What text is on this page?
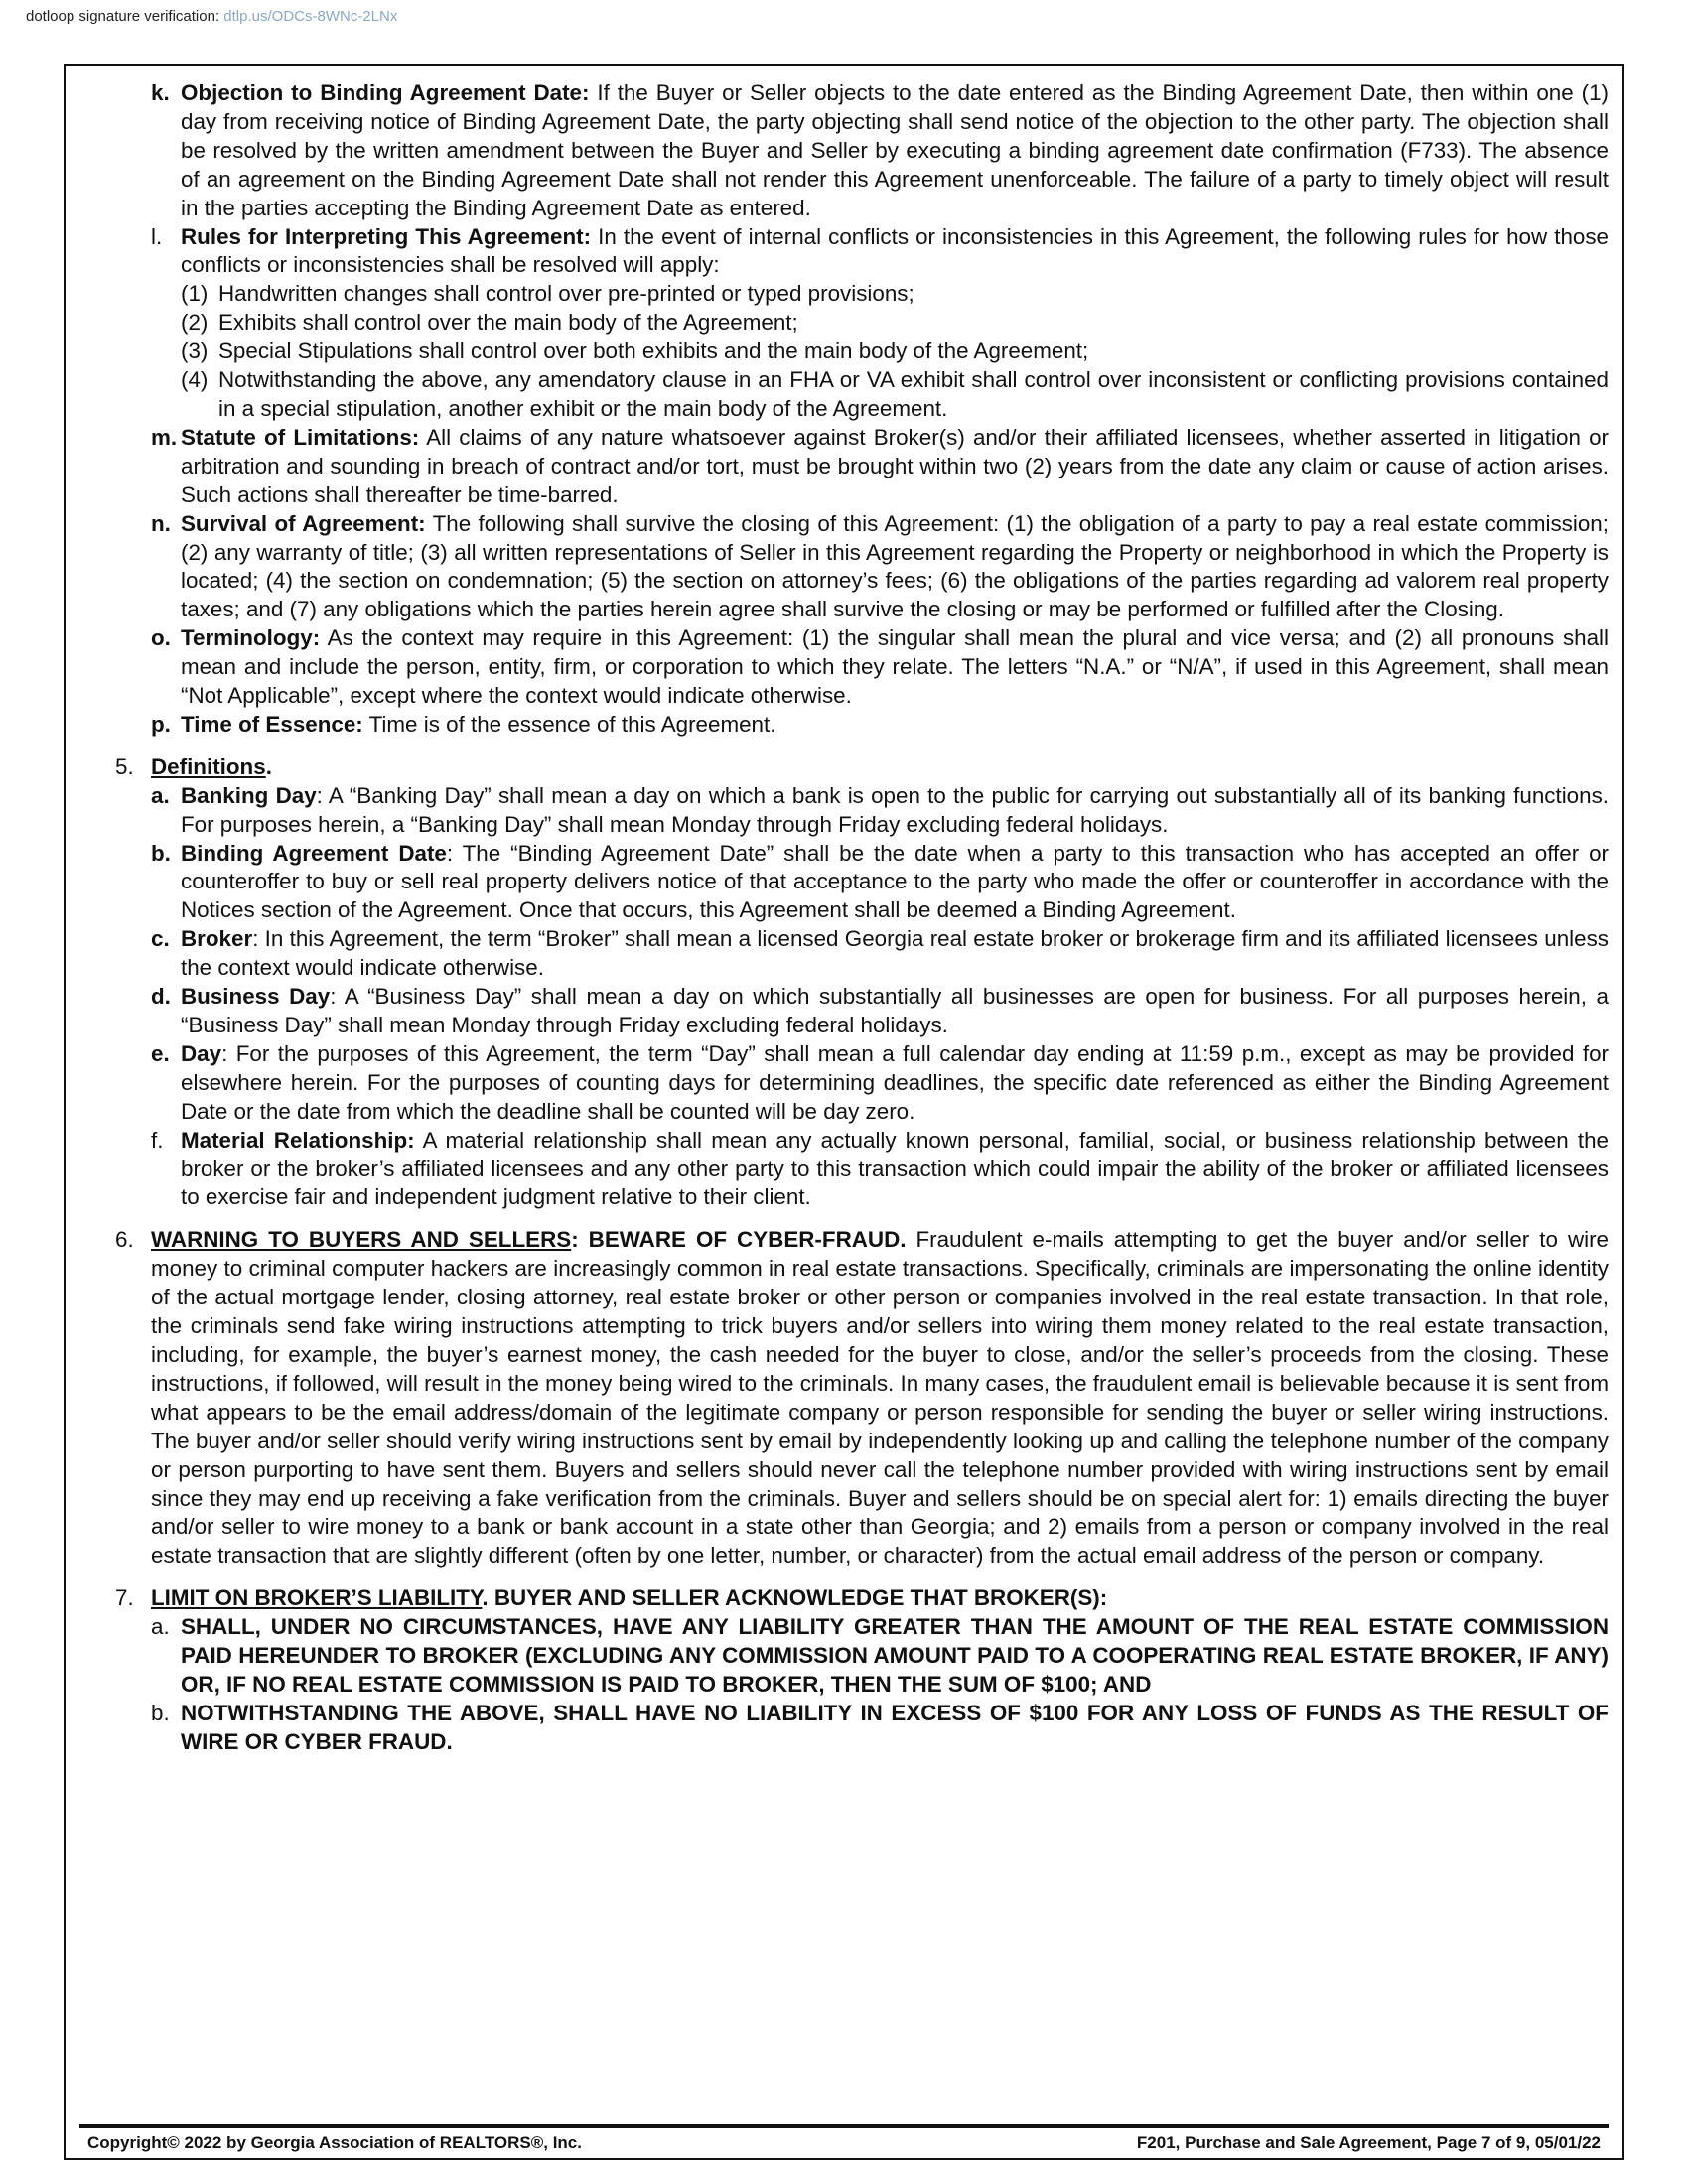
dotloop signature verification: dtlp.us/ODCs-8WNc-2LNx
k. Objection to Binding Agreement Date: If the Buyer or Seller objects to the date entered as the Binding Agreement Date, then within one (1) day from receiving notice of Binding Agreement Date, the party objecting shall send notice of the objection to the other party. The objection shall be resolved by the written amendment between the Buyer and Seller by executing a binding agreement date confirmation (F733). The absence of an agreement on the Binding Agreement Date shall not render this Agreement unenforceable. The failure of a party to timely object will result in the parties accepting the Binding Agreement Date as entered.
l. Rules for Interpreting This Agreement: In the event of internal conflicts or inconsistencies in this Agreement, the following rules for how those conflicts or inconsistencies shall be resolved will apply:
(1) Handwritten changes shall control over pre-printed or typed provisions;
(2) Exhibits shall control over the main body of the Agreement;
(3) Special Stipulations shall control over both exhibits and the main body of the Agreement;
(4) Notwithstanding the above, any amendatory clause in an FHA or VA exhibit shall control over inconsistent or conflicting provisions contained in a special stipulation, another exhibit or the main body of the Agreement.
m. Statute of Limitations: All claims of any nature whatsoever against Broker(s) and/or their affiliated licensees, whether asserted in litigation or arbitration and sounding in breach of contract and/or tort, must be brought within two (2) years from the date any claim or cause of action arises. Such actions shall thereafter be time-barred.
n. Survival of Agreement: The following shall survive the closing of this Agreement: (1) the obligation of a party to pay a real estate commission; (2) any warranty of title; (3) all written representations of Seller in this Agreement regarding the Property or neighborhood in which the Property is located; (4) the section on condemnation; (5) the section on attorney’s fees; (6) the obligations of the parties regarding ad valorem real property taxes; and (7) any obligations which the parties herein agree shall survive the closing or may be performed or fulfilled after the Closing.
o. Terminology: As the context may require in this Agreement: (1) the singular shall mean the plural and vice versa; and (2) all pronouns shall mean and include the person, entity, firm, or corporation to which they relate. The letters “N.A.” or “N/A”, if used in this Agreement, shall mean “Not Applicable”, except where the context would indicate otherwise.
p. Time of Essence: Time is of the essence of this Agreement.
5. Definitions.
a. Banking Day: A “Banking Day” shall mean a day on which a bank is open to the public for carrying out substantially all of its banking functions. For purposes herein, a “Banking Day” shall mean Monday through Friday excluding federal holidays.
b. Binding Agreement Date: The “Binding Agreement Date” shall be the date when a party to this transaction who has accepted an offer or counteroffer to buy or sell real property delivers notice of that acceptance to the party who made the offer or counteroffer in accordance with the Notices section of the Agreement. Once that occurs, this Agreement shall be deemed a Binding Agreement.
c. Broker: In this Agreement, the term “Broker” shall mean a licensed Georgia real estate broker or brokerage firm and its affiliated licensees unless the context would indicate otherwise.
d. Business Day: A “Business Day” shall mean a day on which substantially all businesses are open for business. For all purposes herein, a “Business Day” shall mean Monday through Friday excluding federal holidays.
e. Day: For the purposes of this Agreement, the term “Day” shall mean a full calendar day ending at 11:59 p.m., except as may be provided for elsewhere herein. For the purposes of counting days for determining deadlines, the specific date referenced as either the Binding Agreement Date or the date from which the deadline shall be counted will be day zero.
f. Material Relationship: A material relationship shall mean any actually known personal, familial, social, or business relationship between the broker or the broker’s affiliated licensees and any other party to this transaction which could impair the ability of the broker or affiliated licensees to exercise fair and independent judgment relative to their client.
6. WARNING TO BUYERS AND SELLERS: BEWARE OF CYBER-FRAUD. Fraudulent e-mails attempting to get the buyer and/or seller to wire money to criminal computer hackers are increasingly common in real estate transactions. Specifically, criminals are impersonating the online identity of the actual mortgage lender, closing attorney, real estate broker or other person or companies involved in the real estate transaction. In that role, the criminals send fake wiring instructions attempting to trick buyers and/or sellers into wiring them money related to the real estate transaction, including, for example, the buyer’s earnest money, the cash needed for the buyer to close, and/or the seller’s proceeds from the closing. These instructions, if followed, will result in the money being wired to the criminals. In many cases, the fraudulent email is believable because it is sent from what appears to be the email address/domain of the legitimate company or person responsible for sending the buyer or seller wiring instructions. The buyer and/or seller should verify wiring instructions sent by email by independently looking up and calling the telephone number of the company or person purporting to have sent them. Buyers and sellers should never call the telephone number provided with wiring instructions sent by email since they may end up receiving a fake verification from the criminals. Buyer and sellers should be on special alert for: 1) emails directing the buyer and/or seller to wire money to a bank or bank account in a state other than Georgia; and 2) emails from a person or company involved in the real estate transaction that are slightly different (often by one letter, number, or character) from the actual email address of the person or company.
7. LIMIT ON BROKER’S LIABILITY. BUYER AND SELLER ACKNOWLEDGE THAT BROKER(S):
a. SHALL, UNDER NO CIRCUMSTANCES, HAVE ANY LIABILITY GREATER THAN THE AMOUNT OF THE REAL ESTATE COMMISSION PAID HEREUNDER TO BROKER (EXCLUDING ANY COMMISSION AMOUNT PAID TO A COOPERATING REAL ESTATE BROKER, IF ANY) OR, IF NO REAL ESTATE COMMISSION IS PAID TO BROKER, THEN THE SUM OF $100; AND
b. NOTWITHSTANDING THE ABOVE, SHALL HAVE NO LIABILITY IN EXCESS OF $100 FOR ANY LOSS OF FUNDS AS THE RESULT OF WIRE OR CYBER FRAUD.
Copyright© 2022 by Georgia Association of REALTORS®, Inc.	F201, Purchase and Sale Agreement, Page 7 of 9, 05/01/22
